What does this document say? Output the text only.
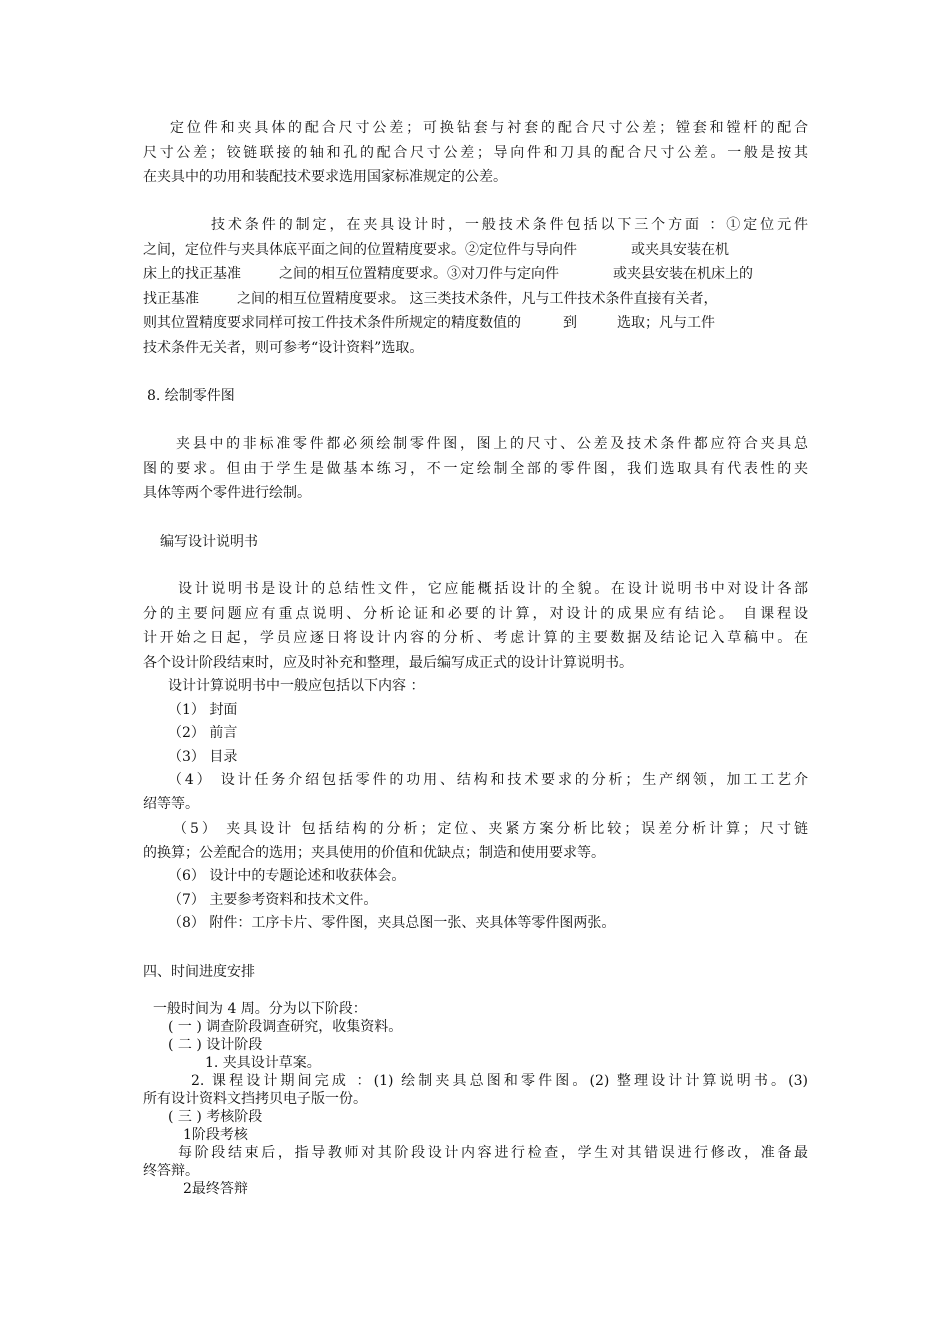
定位件和夹具体的配合尺寸公差；可换钻套与衬套的配合尺寸公差；镗套和镗杆的配合
尺寸公差；铰链联接的轴和孔的配合尺寸公差；导向件和刀具的配合尺寸公差。一般是按其
在夹具中的功用和装配技术要求选用国家标准规定的公差。
技术条件的制定，在夹具设计时，一般技术条件包括以下三个方面 ：①定位元件
之间，定位件与夹具体底平面之间的位置精度要求。②定位件与导向件	或夹具安装在机
床上的找正基准	之间的相互位置精度要求。③对刀件与定向件	或夹县安装在机床上的
找正基准	之间的相互位置精度要求。 这三类技术条件，凡与工件技术条件直接有关者，
则其位置精度要求同样可按工件技术条件所规定的精度数值的	到	选取；凡与工件
技术条件无关者，则可参考“设计资料”选取。
8. 绘制零件图
夹县中的非标准零件都必须绘制零件图，图上的尺寸、公差及技术条件都应符合夹具总
图的要求。但由于学生是做基本练习，不一定绘制全部的零件图，我们选取具有代表性的夹
具体等两个零件进行绘制。
编写设计说明书
设计说明书是设计的总结性文件，它应能概括设计的全貌。在设计说明书中对设计各部
分的主要问题应有重点说明、分析论证和必要的计算，对设计的成果应有结论。 自课程设
计开始之日起，学员应逐日将设计内容的分析、考虑计算的主要数据及结论记入草稿中。在
各个设计阶段结束时，应及时补充和整理，最后编写成正式的设计计算说明书。
设计计算说明书中一般应包括以下内容 ：
（1） 封面
（2） 前言
（3） 目录
（4） 设计任务介绍包括零件的功用、结构和技术要求的分析；生产纲领，加工工艺介
绍等等。
（5） 夹具设计 包括结构的分析；定位、夹紧方案分析比较；误差分析计算；尺寸链
的换算；公差配合的选用；夹具使用的价值和优缺点；制造和使用要求等。
（6） 设计中的专题论述和收获体会。
（7） 主要参考资料和技术文件。
（8） 附件：工序卡片、零件图，夹具总图一张、夹具体等零件图两张。
四、时间进度安排
一般时间为 4 周。分为以下阶段：
( 一 ) 调查阶段调查研究，收集资料。
( 二 ) 设计阶段
1. 夹具设计草案。
2. 课程设计期间完成 ：(1) 绘制夹具总图和零件图。(2) 整理设计计算说明书。(3)
所有设计资料文挡拷贝电子版一份。
( 三 ) 考核阶段
1阶段考核
每阶段结束后，指导教师对其阶段设计内容进行检查，学生对其错误进行修改，准备最
终答辩。
2最终答辩
